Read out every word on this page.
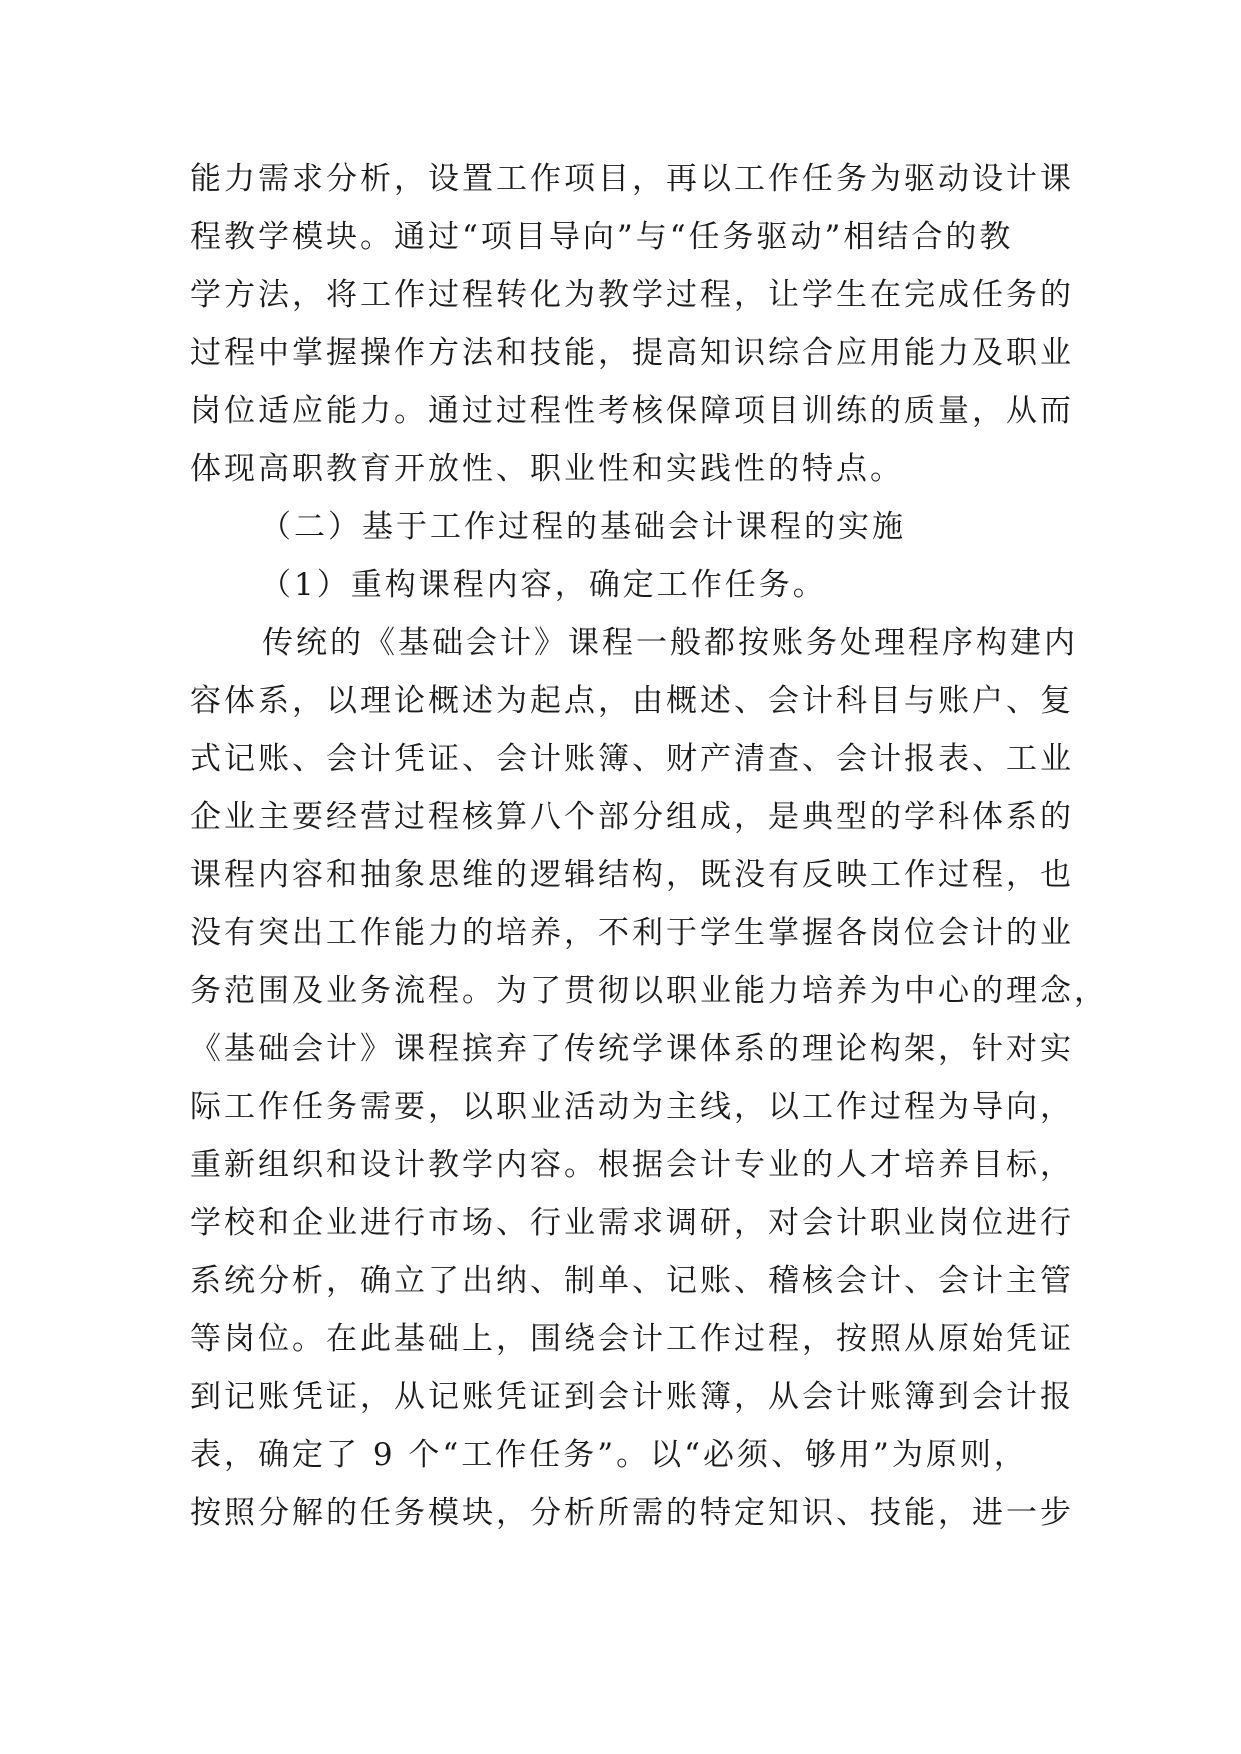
能力需求分析，设置工作项目，再以工作任务为驱动设计课
程教学模块。通过“项目导向”与“任务驱动”相结合的教
学方法，将工作过程转化为教学过程，让学生在完成任务的
过程中掌握操作方法和技能，提高知识综合应用能力及职业
岗位适应能力。通过过程性考核保障项目训练的质量，从而
体现高职教育开放性、职业性和实践性的特点。
（二）基于工作过程的基础会计课程的实施
（1）重构课程内容，确定工作任务。
传统的《基础会计》课程一般都按账务处理程序构建内
容体系，以理论概述为起点，由概述、会计科目与账户、复
式记账、会计凭证、会计账簿、财产清查、会计报表、工业
企业主要经营过程核算八个部分组成，是典型的学科体系的
课程内容和抽象思维的逻辑结构，既没有反映工作过程，也
没有突出工作能力的培养，不利于学生掌握各岗位会计的业
务范围及业务流程。为了贯彻以职业能力培养为中心的理念，
《基础会计》课程摈弃了传统学课体系的理论构架，针对实
际工作任务需要，以职业活动为主线，以工作过程为导向，
重新组织和设计教学内容。根据会计专业的人才培养目标，
学校和企业进行市场、行业需求调研，对会计职业岗位进行
系统分析，确立了出纳、制单、记账、稽核会计、会计主管
等岗位。在此基础上，围绕会计工作过程，按照从原始凭证
到记账凭证，从记账凭证到会计账簿，从会计账簿到会计报
表，确定了 9 个“工作任务”。以“必须、够用”为原则，
按照分解的任务模块，分析所需的特定知识、技能，进一步
